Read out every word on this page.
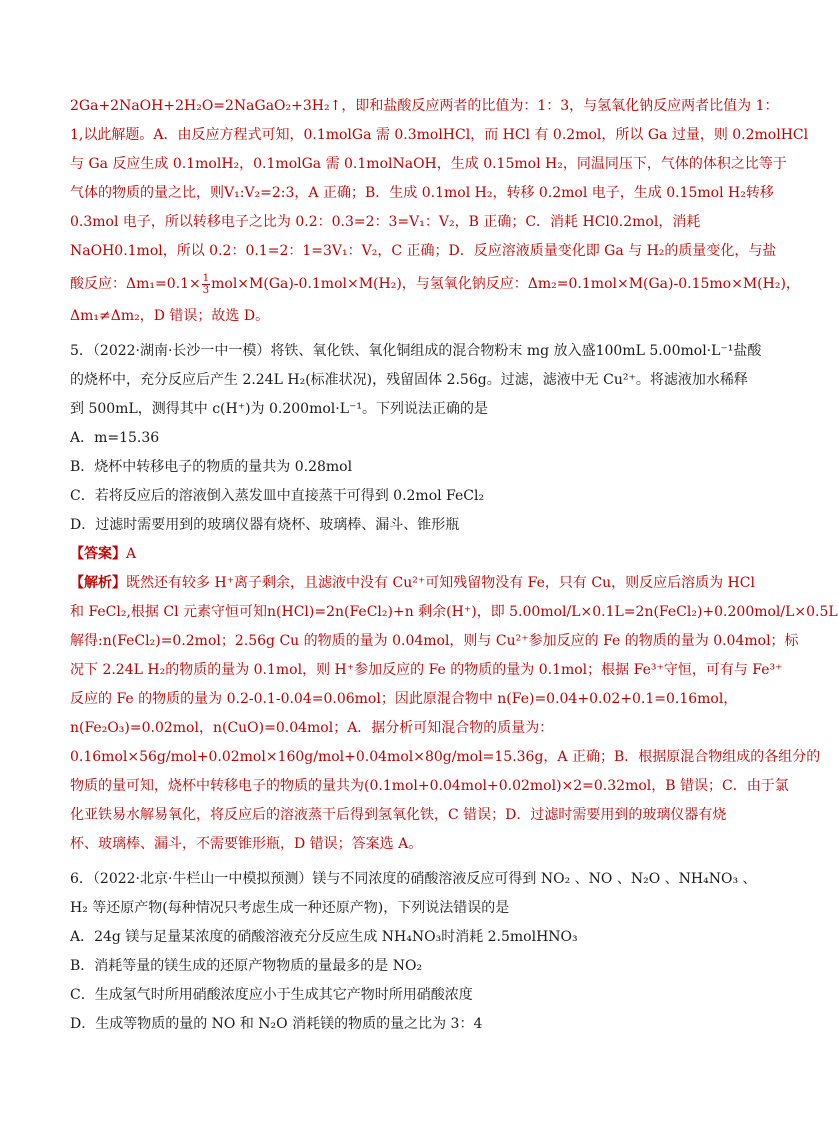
2Ga+2NaOH+2H₂O=2NaGaO₂+3H₂↑，即和盐酸反应两者的比值为：1：3，与氢氧化钠反应两者比值为 1：
1,以此解题。A．由反应方程式可知，0.1molGa 需 0.3molHCl，而 HCl 有 0.2mol，所以 Ga 过量，则 0.2molHCl
与 Ga 反应生成 0.1molH₂，0.1molGa 需 0.1molNaOH，生成 0.15mol H₂，同温同压下，气体的体积之比等于
气体的物质的量之比，则V₁:V₂=2:3，A 正确；B．生成 0.1mol H₂，转移 0.2mol 电子，生成 0.15mol H₂转移
0.3mol 电子，所以转移电子之比为 0.2：0.3=2：3=V₁：V₂，B 正确；C．消耗 HCl0.2mol，消耗
NaOH0.1mol，所以 0.2：0.1=2：1=3V₁：V₂，C 正确；D．反应溶液质量变化即 Ga 与 H₂的质量变化，与盐
酸反应：$\Delta m_1=0.1\times \frac{1}{3} mol\times M(Ga)-0.1mol\times M(H_2)$，与氢氧化钠反应：Δm₂=0.1mol×M(Ga)-0.15mo×M(H₂)，
Δm₁≠Δm₂，D 错误；故选 D。
5．（2022·湖南·长沙一中一模）将铁、氧化铁、氧化铜组成的混合物粉末 mg 放入盛100mL 5.00mol·L⁻¹盐酸
的烧杯中，充分反应后产生 2.24L H₂(标准状况)，残留固体 2.56g。过滤，滤液中无 Cu²⁺。将滤液加水稀释
到 500mL，测得其中 c(H⁺)为 0.200mol·L⁻¹。下列说法正确的是
A．m=15.36
B．烧杯中转移电子的物质的量共为 0.28mol
C．若将反应后的溶液倒入蒸发皿中直接蒸干可得到 0.2mol FeCl₂
D．过滤时需要用到的玻璃仪器有烧杯、玻璃棒、漏斗、锥形瓶
【答案】A
【解析】既然还有较多 H⁺离子剩余，且滤液中没有 Cu²⁺可知残留物没有 Fe，只有 Cu，则反应后溶质为 HCl
和 FeCl₂,根据 Cl 元素守恒可知n(HCl)=2n(FeCl₂)+n 剩余(H⁺)，即 5.00mol/L×0.1L=2n(FeCl₂)+0.200mol/L×0.5L
解得:n(FeCl₂)=0.2mol；2.56g Cu 的物质的量为 0.04mol，则与 Cu²⁺参加反应的 Fe 的物质的量为 0.04mol；标
况下 2.24L H₂的物质的量为 0.1mol，则 H⁺参加反应的 Fe 的物质的量为 0.1mol；根据 Fe³⁺守恒，可有与 Fe³⁺
反应的 Fe 的物质的量为 0.2-0.1-0.04=0.06mol；因此原混合物中 n(Fe)=0.04+0.02+0.1=0.16mol，
n(Fe₂O₃)=0.02mol，n(CuO)=0.04mol；A．据分析可知混合物的质量为：
0.16mol×56g/mol+0.02mol×160g/mol+0.04mol×80g/mol=15.36g，A 正确；B．根据原混合物组成的各组分的
物质的量可知，烧杯中转移电子的物质的量共为(0.1mol+0.04mol+0.02mol)×2=0.32mol，B 错误；C．由于氯
化亚铁易水解易氧化，将反应后的溶液蒸干后得到氢氧化铁，C 错误；D．过滤时需要用到的玻璃仪器有烧
杯、玻璃棒、漏斗，不需要锥形瓶，D 错误；答案选 A。
6．（2022·北京·牛栏山一中模拟预测）镁与不同浓度的硝酸溶液反应可得到 NO₂ 、NO 、N₂O 、NH₄NO₃ 、
H₂ 等还原产物(每种情况只考虑生成一种还原产物)，下列说法错误的是
A．24g 镁与足量某浓度的硝酸溶液充分反应生成 NH₄NO₃时消耗 2.5molHNO₃
B．消耗等量的镁生成的还原产物物质的量最多的是 NO₂
C．生成氢气时所用硝酸浓度应小于生成其它产物时所用硝酸浓度
D．生成等物质的量的 NO 和 N₂O 消耗镁的物质的量之比为 3：4
